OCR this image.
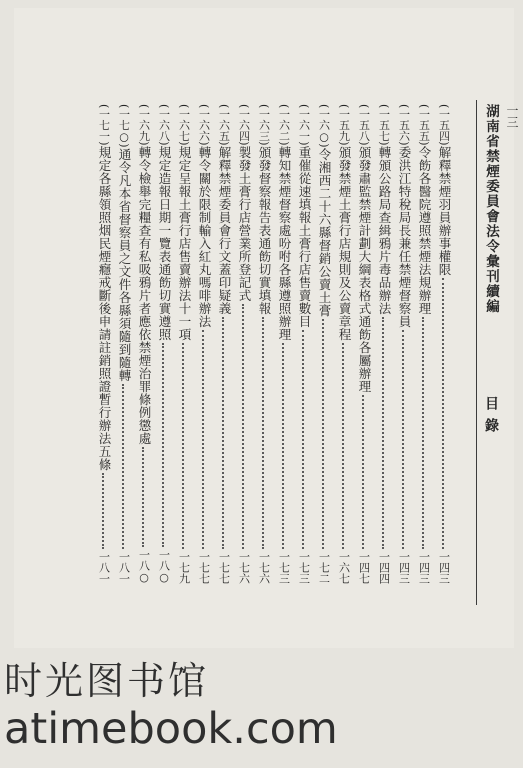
一三
湖南省禁煙委員會法令彙刊續編
目錄
(一五四)
解釋禁煙羽員辦事權限
一四三
(一五五)
令飭各醫院遵照禁煙法規辦理
一四三
(一五六)
委洪江特稅局長兼任禁煙督察員
一四三
(一五七)
轉頒公路局查緝鴉片毒品辦法
一四四
(一五八)
頒發肅監禁煙計劃大綱表格式通飭各屬辦理
一四七
(一五九)
頒發禁煙土膏行店規則及公賣章程
一六七
(一六○)
令湘西二十六縣督銷公賣土膏
一七二
(一六一)
重催從速填報土膏行店售賣數目
一七三
(一六二)
轉知禁煙督察處吩咐各縣遵照辦理
一七三
(一六三)
頒發督察報告表通飭切實填報
一七六
(一六四)
製發土膏行店營業所登記式
一七六
(一六五)
解釋禁煙委員會行文蓋印疑義
一七七
(一六六)
轉令關於限制輸入紅丸嗎啡辦法
一七七
(一六七)
規定呈報土膏行店售賣辦法十一項
一七九
(一六八)
規定造報日期一覽表通飭切實遵照
一八○
(一六九)
轉令檢舉完糧查有私吸鴉片者應依禁煙治罪條例懲處
一八○
(一七○)
通令凡本省督察員之文件各縣須隨到隨轉
一八一
(一七一)
規定各縣領照烟民煙癮戒斷後申請註銷照證暫行辦法五條
一八一
时光图书馆
atimebook.com
